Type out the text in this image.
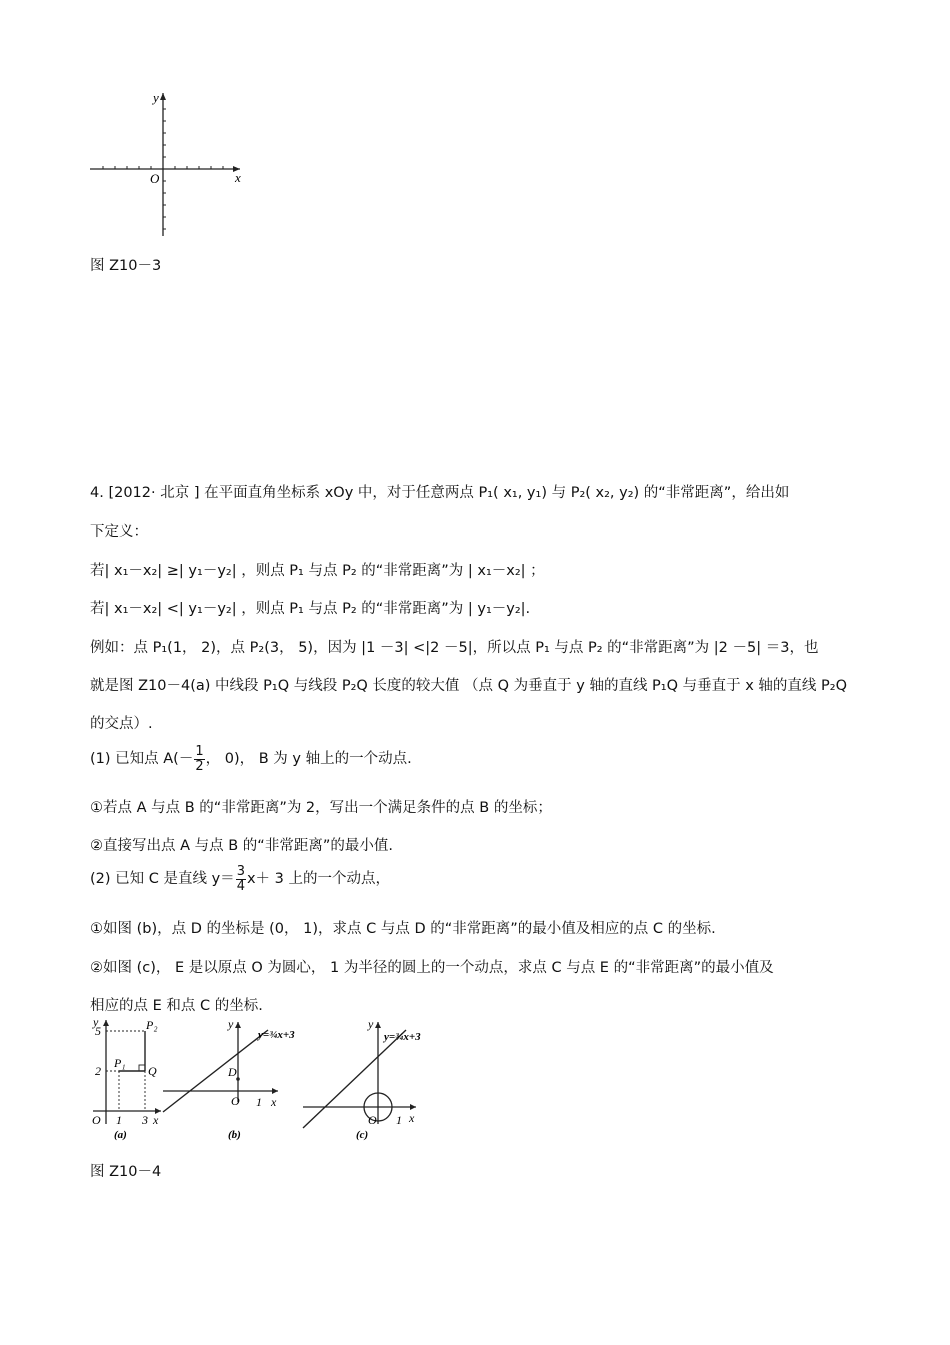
y
x
O
图 Z10－3
4. [2012· 北京 ] 在平面直角坐标系 xOy 中，对于任意两点 P₁( x₁, y₁) 与 P₂( x₂, y₂) 的“非常距离”，给出如
下定义：
若| x₁－x₂| ≥| y₁－y₂| ，则点 P₁ 与点 P₂ 的“非常距离”为 | x₁－x₂| ；
若| x₁－x₂| <| y₁－y₂| ，则点 P₁ 与点 P₂ 的“非常距离”为 | y₁－y₂|.
例如：点 P₁(1， 2)，点 P₂(3， 5)，因为 |1 －3| <|2 －5|，所以点 P₁ 与点 P₂ 的“非常距离”为 |2 －5| ＝3，也
就是图 Z10－4(a) 中线段 P₁Q 与线段 P₂Q 长度的较大值 （点 Q 为垂直于 y 轴的直线 P₁Q 与垂直于 x 轴的直线 P₂Q
的交点）.
(1) 已知点 $A(- \frac{1}{2}$ ， 0)， B 为 y 轴上的一个动点.
①若点 A 与点 B 的“非常距离”为 2，写出一个满足条件的点 B 的坐标；
②直接写出点 A 与点 B 的“非常距离”的最小值.
(2) 已知 C 是直线 $y= \frac{3}{4} x+ 3$ 上的一个动点，
①如图 (b)，点 D 的坐标是 (0， 1)，求点 C 与点 D 的“非常距离”的最小值及相应的点 C 的坐标.
②如图 (c)， E 是以原点 O 为圆心， 1 为半径的圆上的一个动点，求点 C 与点 E 的“非常距离”的最小值及
相应的点 E 和点 C 的坐标.
y
x
O
5
2
1 3
P₁
P₂
Q
(a)
y
x
O 1
D
y=¾x+3
(b)
y
x
O 1
y=¾x+3
(c)
图 Z10－4
